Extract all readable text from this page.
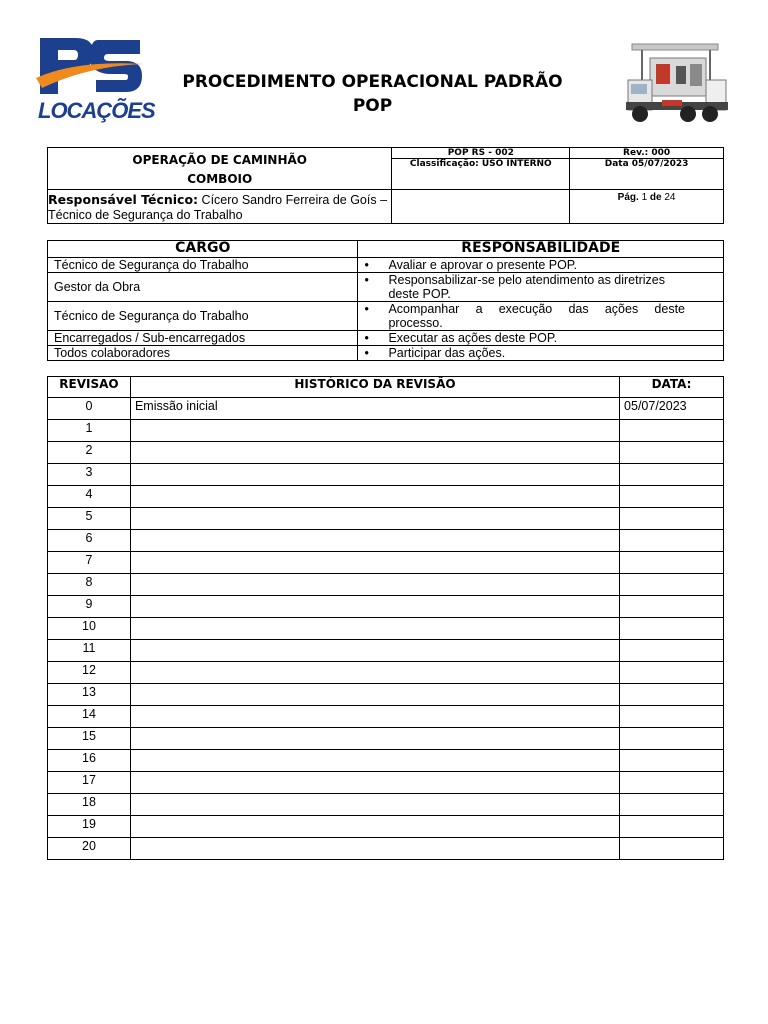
LOCAÇÕES
PROCEDIMENTO OPERACIONAL PADRÃO
POP
OPERAÇÃO DE CAMINHÃO
COMBOIO	POP RS - 002	Rev.: 000
	Classificação: USO INTERNO	Data 05/07/2023
Responsável Técnico: Cícero Sandro Ferreira de Goís –
Técnico de Segurança do Trabalho		Pág. 1 de 24
CARGO	RESPONSABILIDADE
Técnico de Segurança do Trabalho	• Avaliar e aprovar o presente POP.

Gestor da Obra	• Responsabilizar-se pelo atendimento as diretrizes
deste POP.

Técnico de Segurança do Trabalho	• Acompanhar a execução das ações deste
processo.

Encarregados / Sub-encarregados	• Executar as ações deste POP.

Todos colaboradores	• Participar das ações.
REVISAO	HISTÓRICO DA REVISÃO	DATA:
0	Emissão inicial	05/07/2023
1		
2		
3		
4		
5		
6		
7		
8		
9		
10		
11		
12		
13		
14		
15		
16		
17		
18		
19		
20		
